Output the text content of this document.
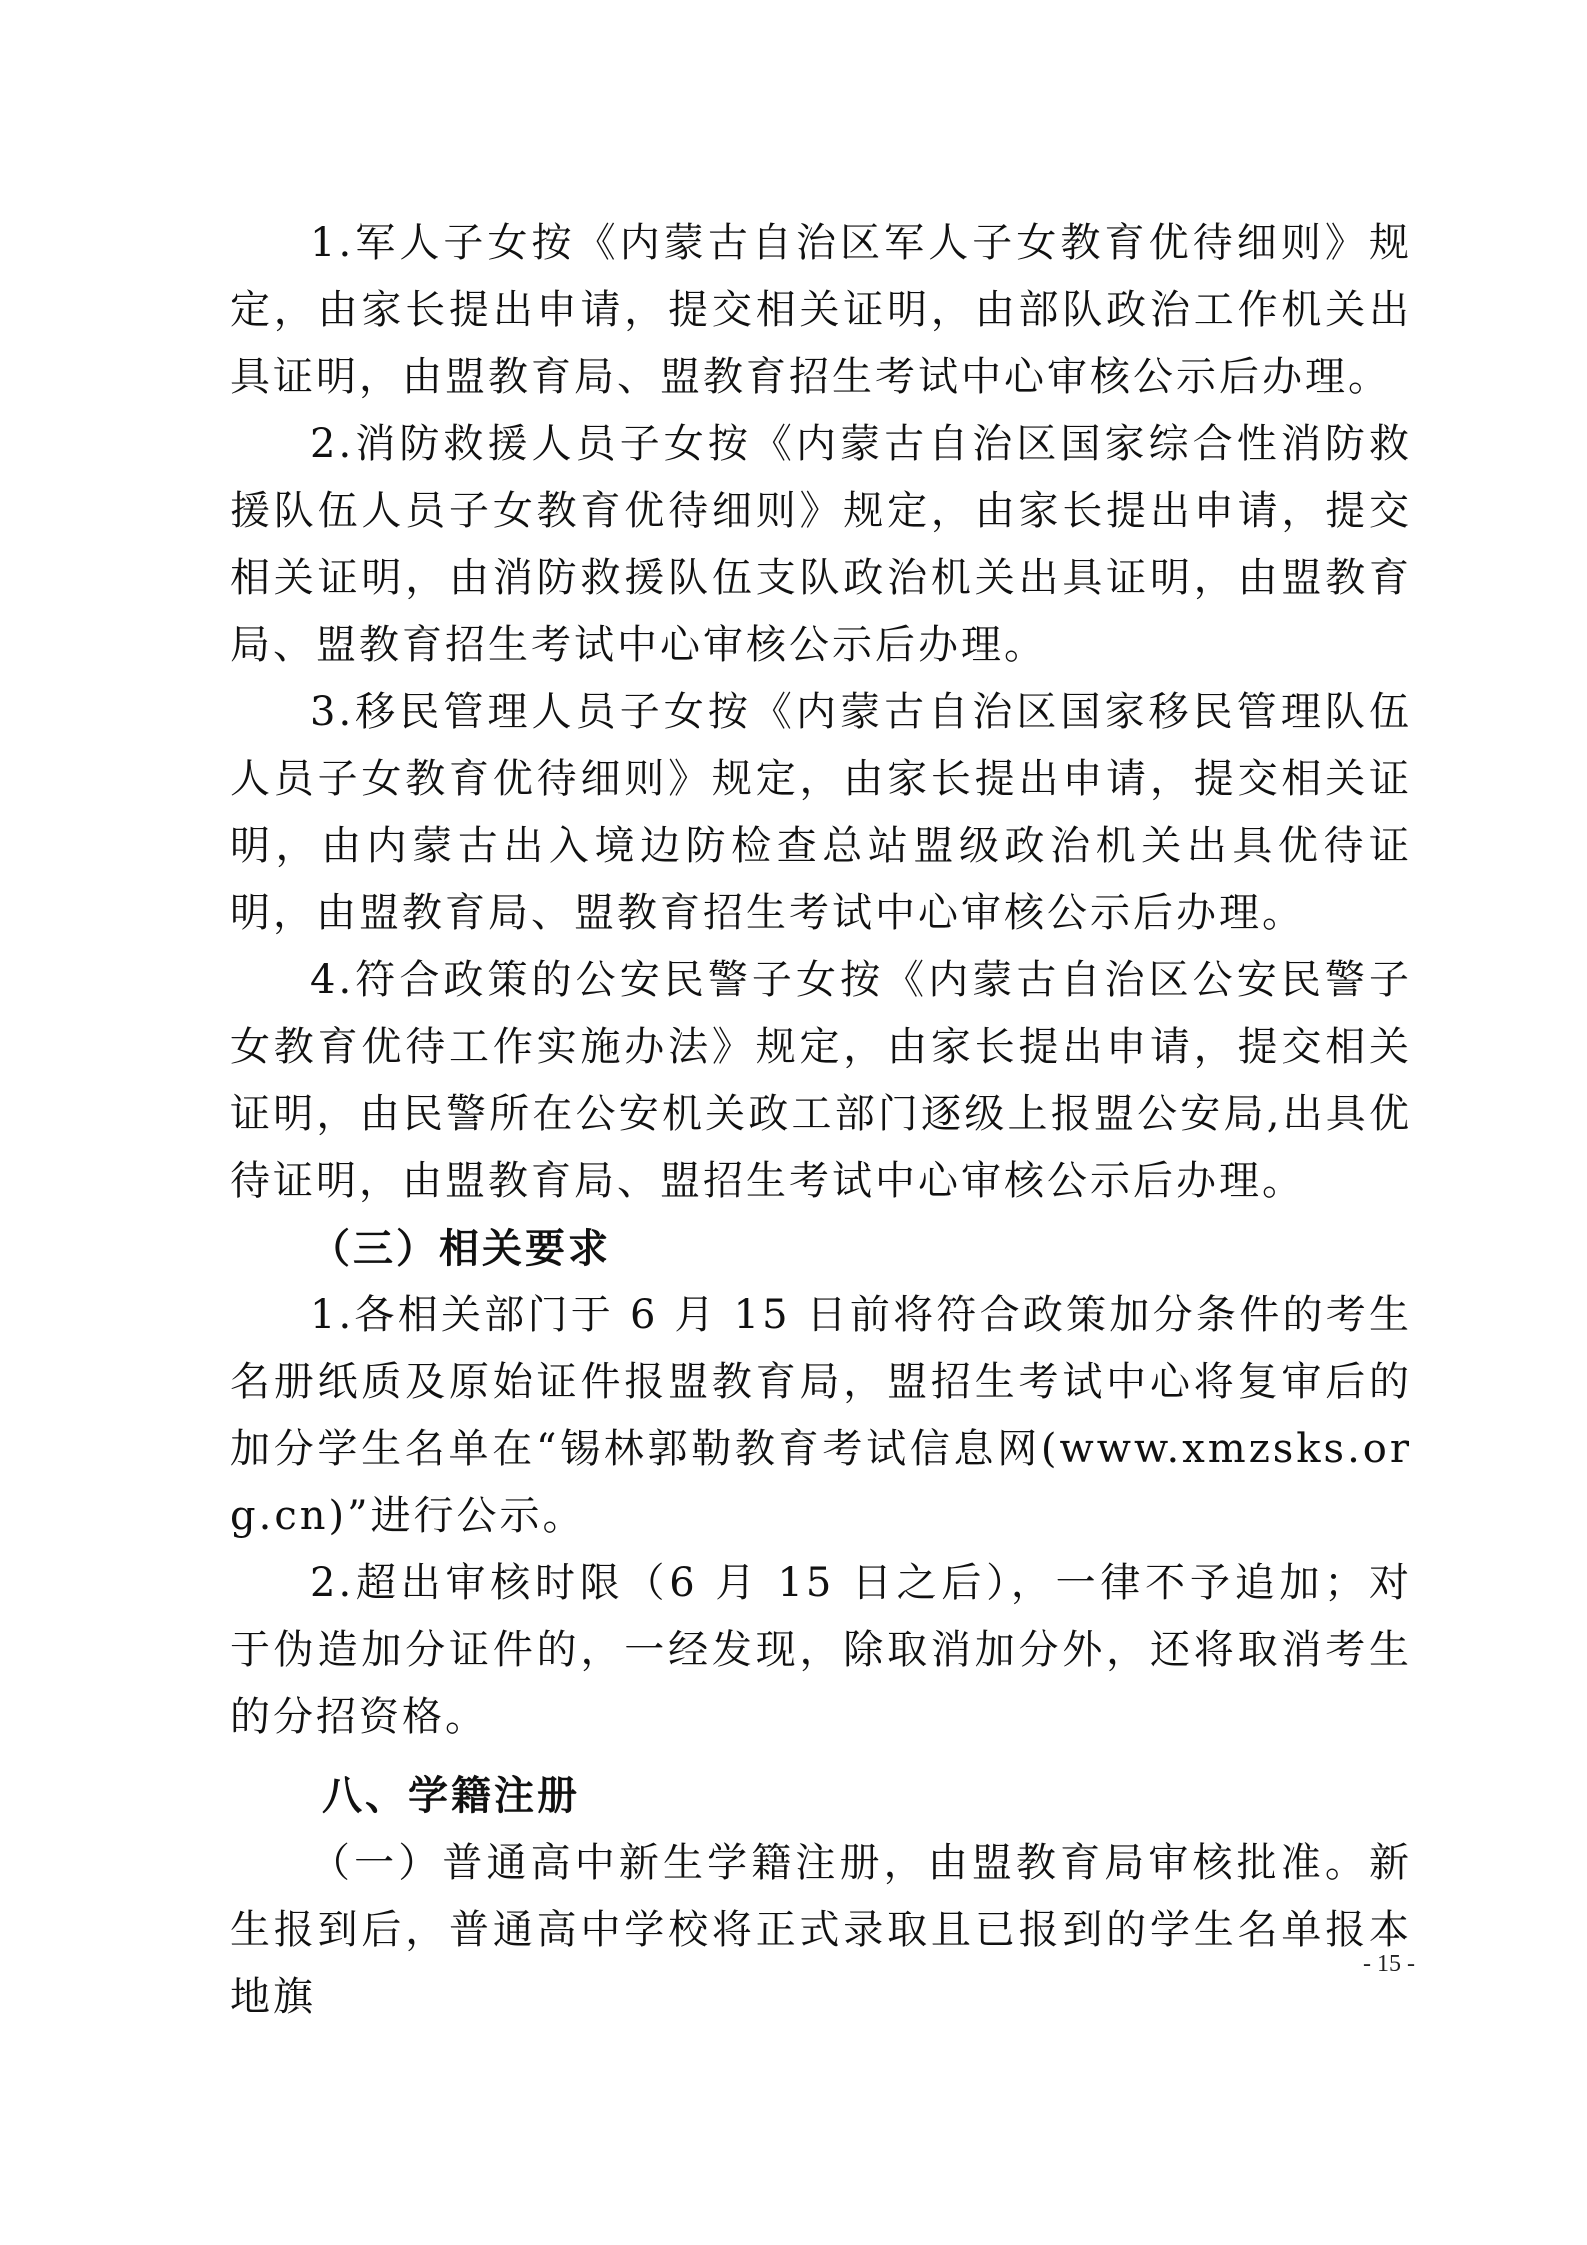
1.军人子女按《内蒙古自治区军人子女教育优待细则》规定，由家长提出申请，提交相关证明，由部队政治工作机关出具证明，由盟教育局、盟教育招生考试中心审核公示后办理。

2.消防救援人员子女按《内蒙古自治区国家综合性消防救援队伍人员子女教育优待细则》规定，由家长提出申请，提交相关证明，由消防救援队伍支队政治机关出具证明，由盟教育局、盟教育招生考试中心审核公示后办理。

3.移民管理人员子女按《内蒙古自治区国家移民管理队伍人员子女教育优待细则》规定，由家长提出申请，提交相关证明，由内蒙古出入境边防检查总站盟级政治机关出具优待证明，由盟教育局、盟教育招生考试中心审核公示后办理。

4.符合政策的公安民警子女按《内蒙古自治区公安民警子女教育优待工作实施办法》规定，由家长提出申请，提交相关证明，由民警所在公安机关政工部门逐级上报盟公安局,出具优待证明，由盟教育局、盟招生考试中心审核公示后办理。

（三）相关要求

1.各相关部门于 6 月 15 日前将符合政策加分条件的考生名册纸质及原始证件报盟教育局，盟招生考试中心将复审后的加分学生名单在“锡林郭勒教育考试信息网(www.xmzsks.org.cn)”进行公示。

2.超出审核时限（6 月 15 日之后），一律不予追加；对于伪造加分证件的，一经发现，除取消加分外，还将取消考生的分招资格。

八、学籍注册

（一）普通高中新生学籍注册，由盟教育局审核批准。新生报到后，普通高中学校将正式录取且已报到的学生名单报本地旗

- 15 -
